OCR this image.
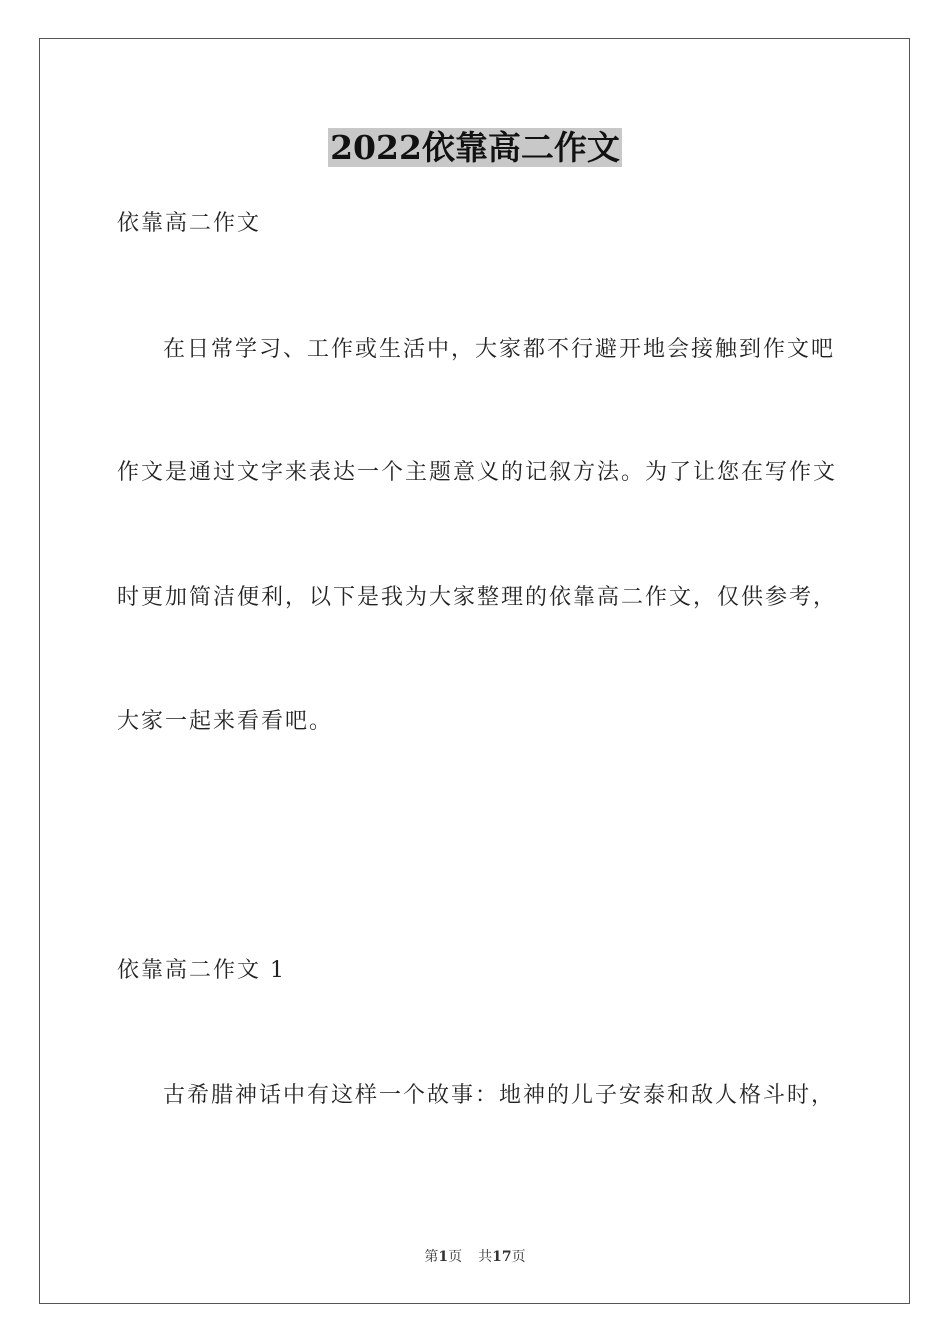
2022依靠高二作文
依靠高二作文
在日常学习、工作或生活中，大家都不行避开地会接触到作文吧
作文是通过文字来表达一个主题意义的记叙方法。为了让您在写作文
时更加简洁便利，以下是我为大家整理的依靠高二作文，仅供参考，
大家一起来看看吧。
依靠高二作文 1
古希腊神话中有这样一个故事：地神的儿子安泰和敌人格斗时，
第1页 共17页
